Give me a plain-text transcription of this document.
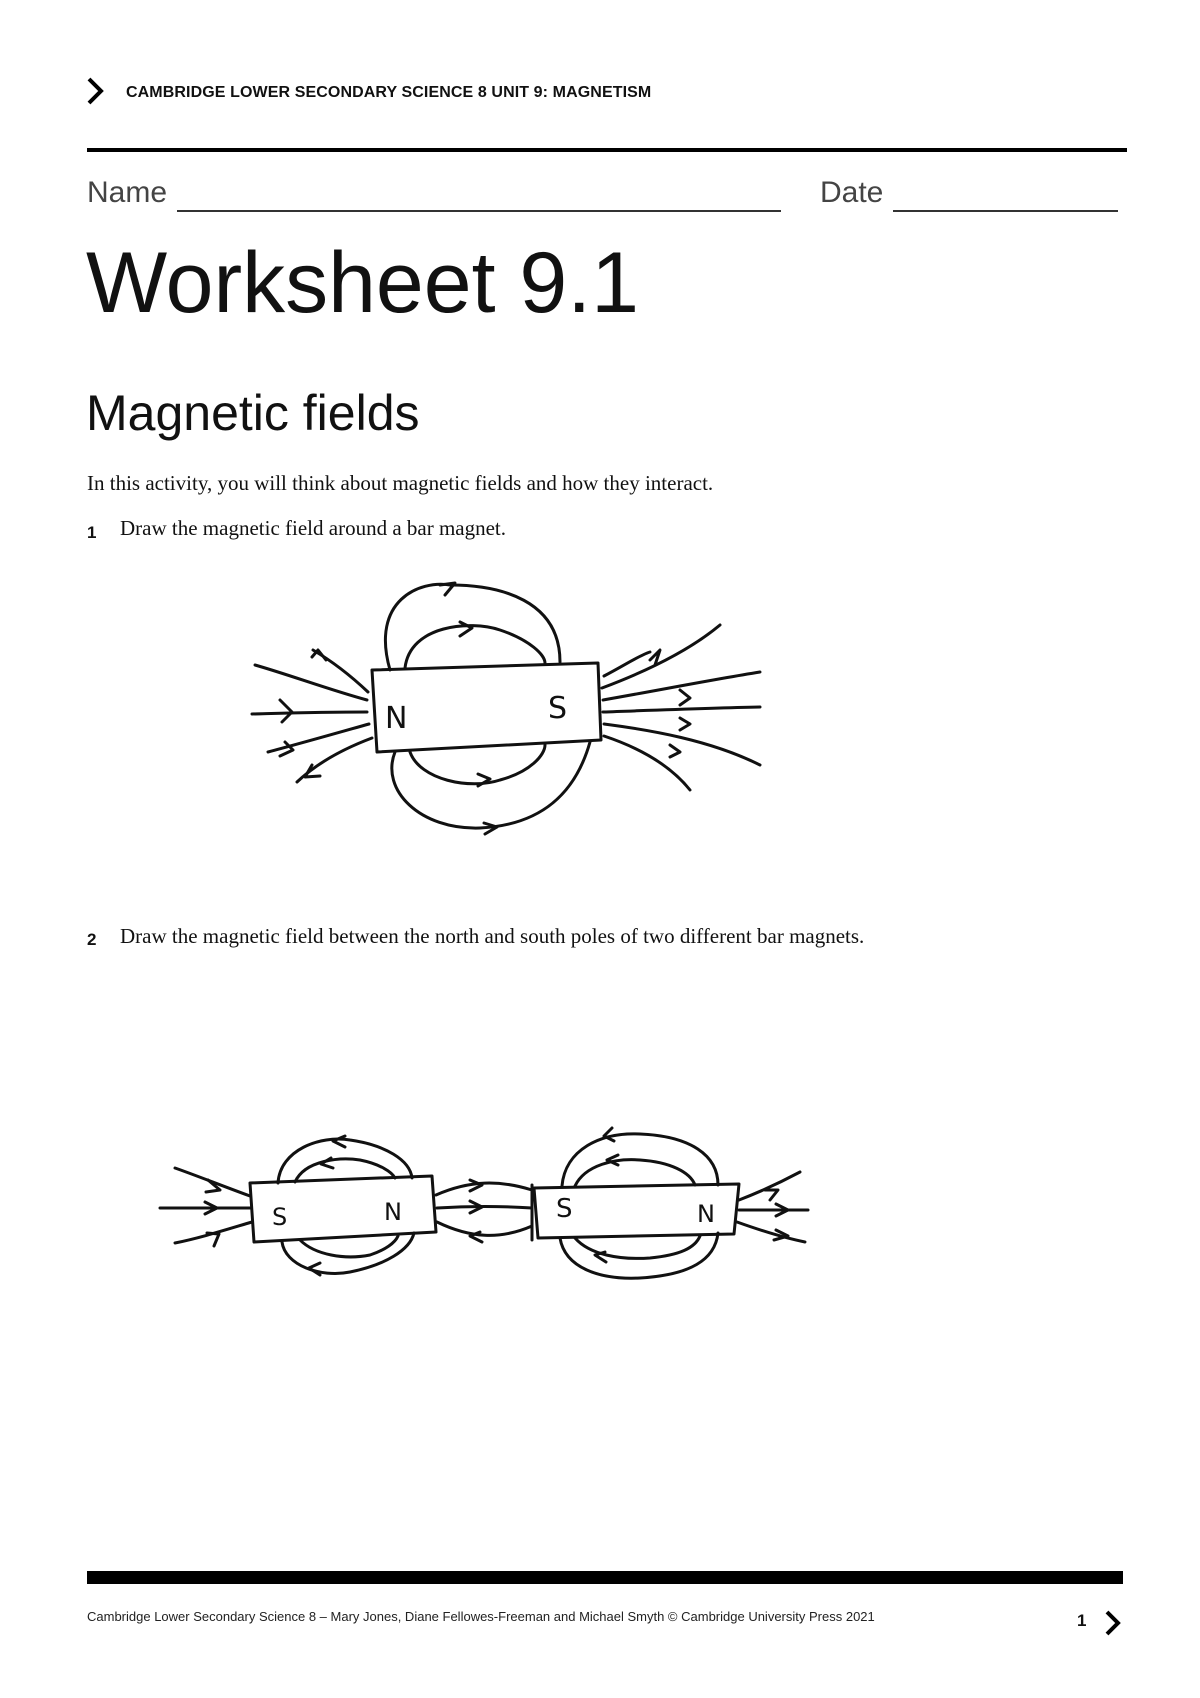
CAMBRIDGE LOWER SECONDARY SCIENCE 8 UNIT 9: MAGNETISM
Name	Date
Worksheet 9.1
Magnetic fields
In this activity, you will think about magnetic fields and how they interact.
1 Draw the magnetic field around a bar magnet.
N	S
2 Draw the magnetic field between the north and south poles of two different bar magnets.
S	N	S	N
Cambridge Lower Secondary Science 8 – Mary Jones, Diane Fellowes-Freeman and Michael Smyth © Cambridge University Press 2021	1
